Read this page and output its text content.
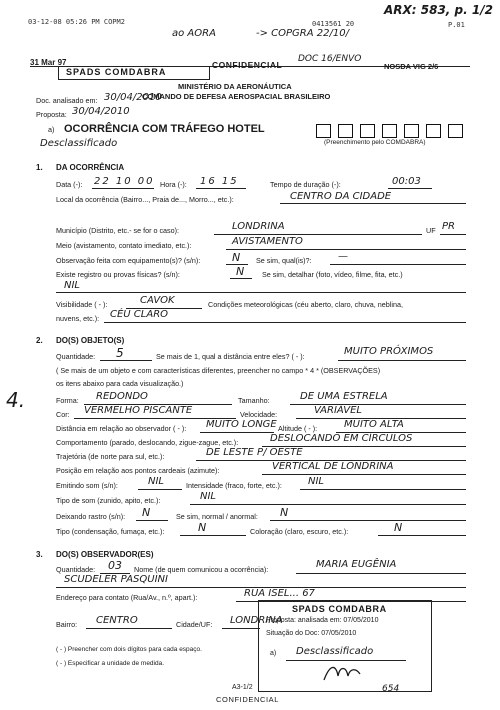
03-12-08 05:26 PM COPM2	0413561 20	P.01
ARX: 583, p. 1/2
ao AORA	-> COPGRA 22/10/
31 Mar 97	CONFIDENCIAL
DOC 16/ENVO
NOSDA VIG 2/6
SPADS COMDABRA
MINISTÉRIO DA AERONÁUTICA
COMANDO DE DEFESA AEROSPACIAL BRASILEIRO
Doc. analisado em: 30/04/2010
Proposta: 30/04/2010
a) OCORRÊNCIA COM TRÁFEGO HOTEL
Desclassificado	(Preenchimento pelo COMDABRA)
1. DA OCORRÊNCIA
Data (-): 22 10 00 Hora (-): 16 15	Tempo de duração (-):	00:03
Local da ocorrência (Bairro..., Praia de..., Morro..., etc.):	CENTRO DA CIDADE
Município (Distrito, etc.- se for o caso):	LONDRINA	UF PR
Meio (avistamento, contato imediato, etc.):	AVISTAMENTO
Observação feita com equipamento(s)? (s/n):	N Se sim, qual(is)?:	—
Existe registro ou provas físicas? (s/n):	N Se sim, detalhar (foto, vídeo, filme, fita, etc.)
NIL
Visibilidade ( - ):	CAVOK	Condições meteorológicas (céu aberto, claro, chuva, neblina,
nuvens, etc.): CÉU CLARO
2. DO(S) OBJETO(S)
Quantidade: 5	Se mais de 1, qual a distância entre eles? ( - ):	MUITO PRÓXIMOS
( Se mais de um objeto e com características diferentes, preencher no campo * 4 * (OBSERVAÇÕES)
os itens abaixo para cada visualização.)
4.	Forma: REDONDO	Tamanho:	DE UMA ESTRELA
Cor: VERMELHO PISCANTE	Velocidade:	VARIÁVEL
Distância em relação ao observador ( - ): MUITO LONGE Altitude ( - ):	MUITO ALTA
Comportamento (parado, deslocando, zigue-zague, etc.):	DESLOCANDO EM CÍRCULOS
Trajetória (de norte para sul, etc.):	DE LESTE P/ OESTE
Posição em relação aos pontos cardeais (azimute):	VERTICAL DE LONDRINA
Emitindo som (s/n):	NIL	Intensidade (fraco, forte, etc.):	NIL
Tipo de som (zunido, apito, etc.):	NIL
Deixando rastro (s/n): N	Se sim, normal / anormal: N
Tipo (condensação, fumaça, etc.):	N	Coloração (claro, escuro, etc.):	N
3. DO(S) OBSERVADOR(ES)
Quantidade: 03 Nome (de quem comunicou a ocorrência):	MARIA EUGÊNIA
SCUDELER PASQUINI
Endereço para contato (Rua/Av., n.º, apart.):	RUA ISEL... 67
Bairro: CENTRO	Cidade/UF: LONDRINA
( - ) Preencher com dois dígitos para cada espaço.
( - ) Especificar a unidade de medida.
SPADS COMDABRA
Proposta: analisada em: 07/05/2010
Situação do Doc: 07/05/2010
a) Desclassificado
A3-1/2
CONFIDENCIAL
654
